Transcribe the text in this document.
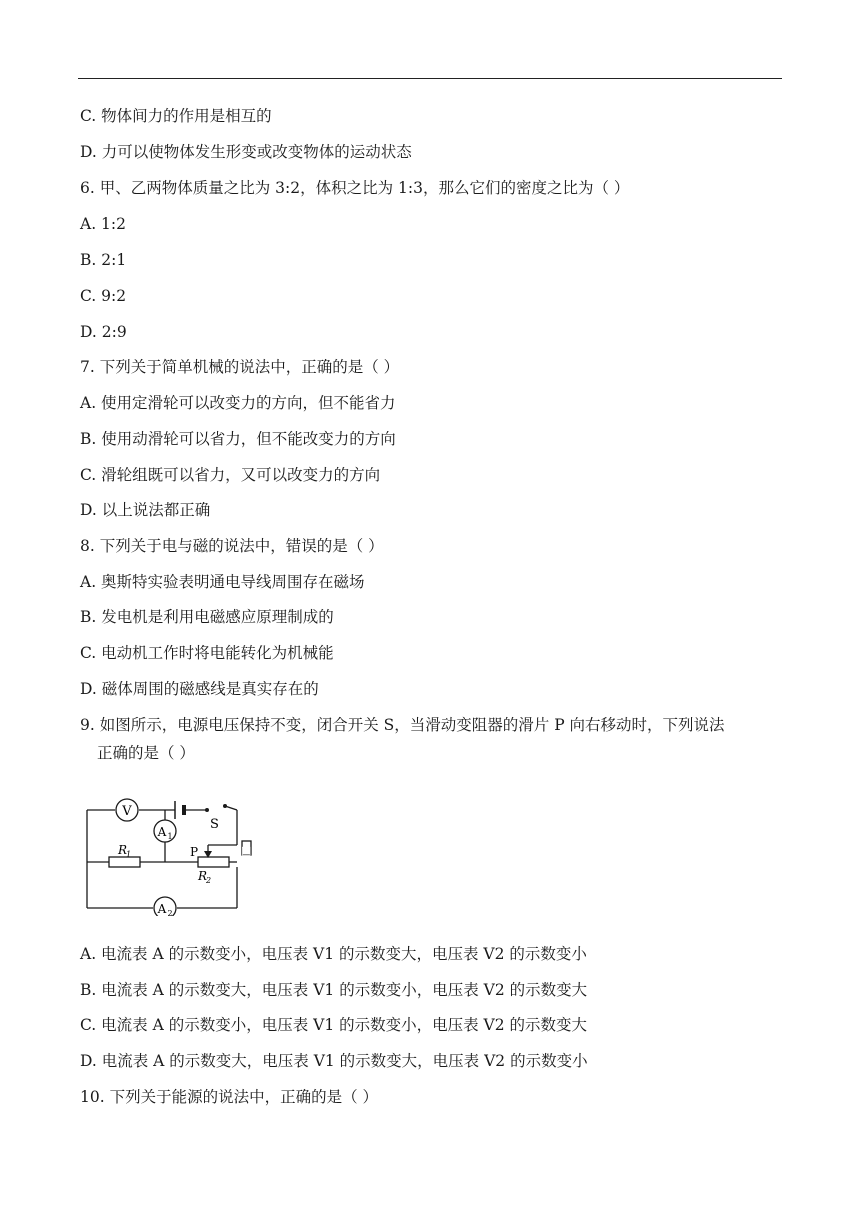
C. 物体间力的作用是相互的
D. 力可以使物体发生形变或改变物体的运动状态
6. 甲、乙两物体质量之比为 3:2，体积之比为 1:3，那么它们的密度之比为（ ）
A. 1:2
B. 2:1
C. 9:2
D. 2:9
7. 下列关于简单机械的说法中，正确的是（ ）
A. 使用定滑轮可以改变力的方向，但不能省力
B. 使用动滑轮可以省力，但不能改变力的方向
C. 滑轮组既可以省力，又可以改变力的方向
D. 以上说法都正确
8. 下列关于电与磁的说法中，错误的是（ ）
A. 奥斯特实验表明通电导线周围存在磁场
B. 发电机是利用电磁感应原理制成的
C. 电动机工作时将电能转化为机械能
D. 磁体周围的磁感线是真实存在的
9. 如图所示，电源电压保持不变，闭合开关 S，当滑动变阻器的滑片 P 向右移动时，下列说法
正确的是（ ）
V
A 1
A 2
S
R
1
R
2
P	□
A. 电流表 A 的示数变小，电压表 V1 的示数变大，电压表 V2 的示数变小
B. 电流表 A 的示数变大，电压表 V1 的示数变小，电压表 V2 的示数变大
C. 电流表 A 的示数变小，电压表 V1 的示数变小，电压表 V2 的示数变大
D. 电流表 A 的示数变大，电压表 V1 的示数变大，电压表 V2 的示数变小
10. 下列关于能源的说法中，正确的是（ ）
